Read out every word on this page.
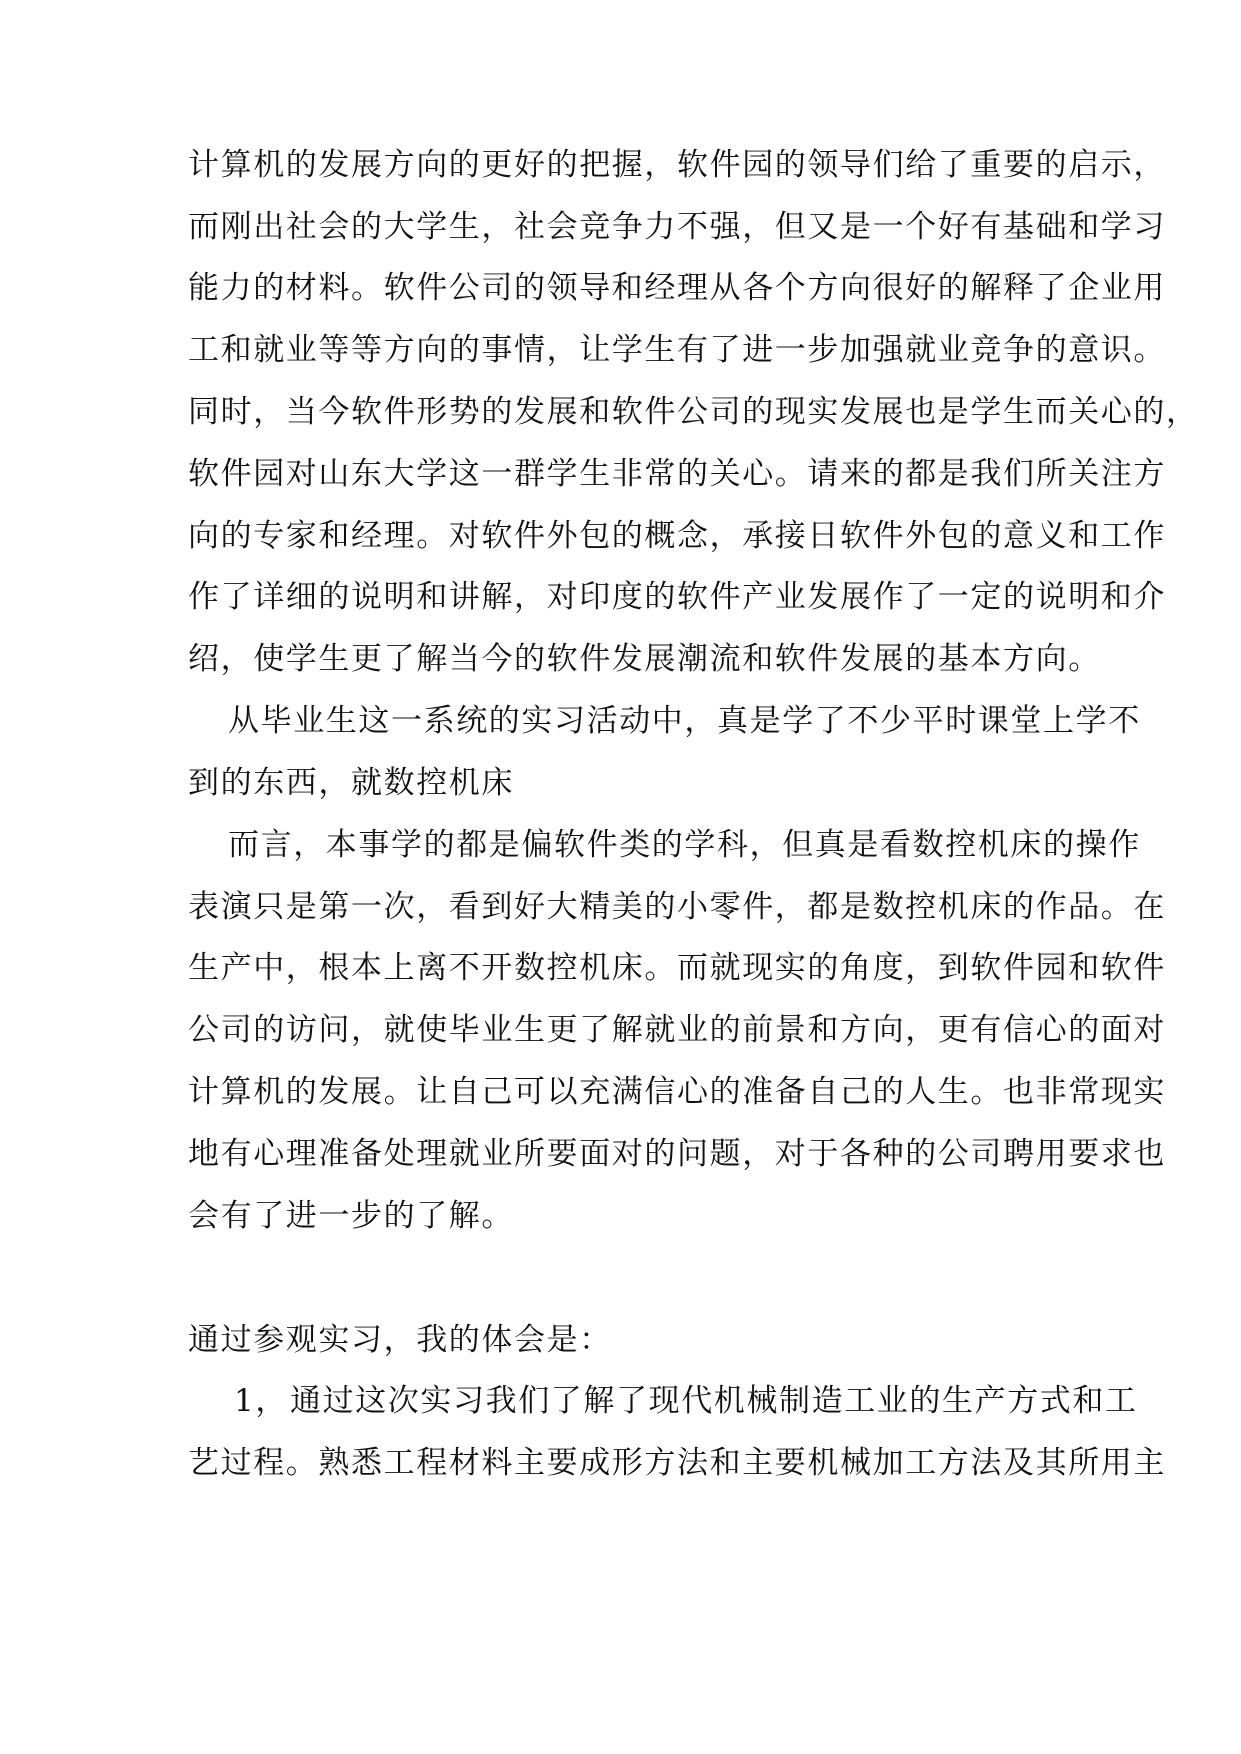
计算机的发展方向的更好的把握，软件园的领导们给了重要的启示，
而刚出社会的大学生，社会竞争力不强，但又是一个好有基础和学习
能力的材料。软件公司的领导和经理从各个方向很好的解释了企业用
工和就业等等方向的事情，让学生有了进一步加强就业竞争的意识。
同时，当今软件形势的发展和软件公司的现实发展也是学生而关心的，
软件园对山东大学这一群学生非常的关心。请来的都是我们所关注方
向的专家和经理。对软件外包的概念，承接日软件外包的意义和工作
作了详细的说明和讲解，对印度的软件产业发展作了一定的说明和介
绍，使学生更了解当今的软件发展潮流和软件发展的基本方向。
从毕业生这一系统的实习活动中，真是学了不少平时课堂上学不
到的东西，就数控机床
而言，本事学的都是偏软件类的学科，但真是看数控机床的操作
表演只是第一次，看到好大精美的小零件，都是数控机床的作品。在
生产中，根本上离不开数控机床。而就现实的角度，到软件园和软件
公司的访问，就使毕业生更了解就业的前景和方向，更有信心的面对
计算机的发展。让自己可以充满信心的准备自己的人生。也非常现实
地有心理准备处理就业所要面对的问题，对于各种的公司聘用要求也
会有了进一步的了解。
通过参观实习，我的体会是：
1，通过这次实习我们了解了现代机械制造工业的生产方式和工
艺过程。熟悉工程材料主要成形方法和主要机械加工方法及其所用主
